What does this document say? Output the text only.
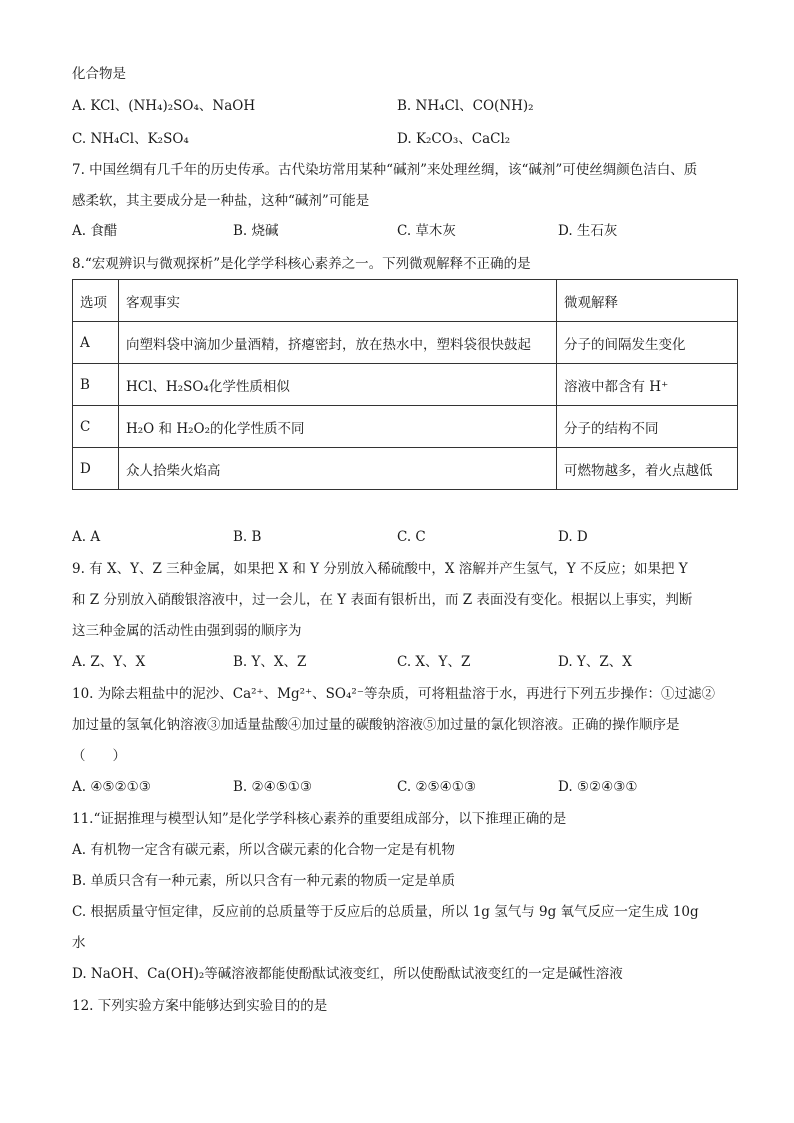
化合物是
A. KCl、(NH₄)₂SO₄、NaOH	B. NH₄Cl、CO(NH)₂
C. NH₄Cl、K₂SO₄	D. K₂CO₃、CaCl₂
7. 中国丝绸有几千年的历史传承。古代染坊常用某种“碱剂”来处理丝绸，该“碱剂”可使丝绸颜色洁白、质
感柔软，其主要成分是一种盐，这种“碱剂”可能是
A. 食醋	B. 烧碱	C. 草木灰	D. 生石灰
8.“宏观辨识与微观探析”是化学学科核心素养之一。下列微观解释不正确的是
选项	客观事实	微观解释
A	向塑料袋中滴加少量酒精，挤瘪密封，放在热水中，塑料袋很快鼓起	分子的间隔发生变化
B	HCl、H₂SO₄化学性质相似	溶液中都含有 H⁺
C	H₂O 和 H₂O₂的化学性质不同	分子的结构不同
D	众人拾柴火焰高	可燃物越多，着火点越低
A. A	B. B	C. C	D. D
9. 有 X、Y、Z 三种金属，如果把 X 和 Y 分别放入稀硫酸中，X 溶解并产生氢气，Y 不反应；如果把 Y
和 Z 分别放入硝酸银溶液中，过一会儿，在 Y 表面有银析出，而 Z 表面没有变化。根据以上事实，判断
这三种金属的活动性由强到弱的顺序为
A. Z、Y、X	B. Y、X、Z	C. X、Y、Z	D. Y、Z、X
10. 为除去粗盐中的泥沙、Ca²⁺、Mg²⁺、SO₄²⁻等杂质，可将粗盐溶于水，再进行下列五步操作：①过滤②
加过量的氢氧化钠溶液③加适量盐酸④加过量的碳酸钠溶液⑤加过量的氯化钡溶液。正确的操作顺序是
（　　）
A. ④⑤②①③	B. ②④⑤①③	C. ②⑤④①③	D. ⑤②④③①
11.“证据推理与模型认知”是化学学科核心素养的重要组成部分，以下推理正确的是
A. 有机物一定含有碳元素，所以含碳元素的化合物一定是有机物
B. 单质只含有一种元素，所以只含有一种元素的物质一定是单质
C. 根据质量守恒定律，反应前的总质量等于反应后的总质量，所以 1g 氢气与 9g 氧气反应一定生成 10g
水
D. NaOH、Ca(OH)₂等碱溶液都能使酚酞试液变红，所以使酚酞试液变红的一定是碱性溶液
12. 下列实验方案中能够达到实验目的的是
